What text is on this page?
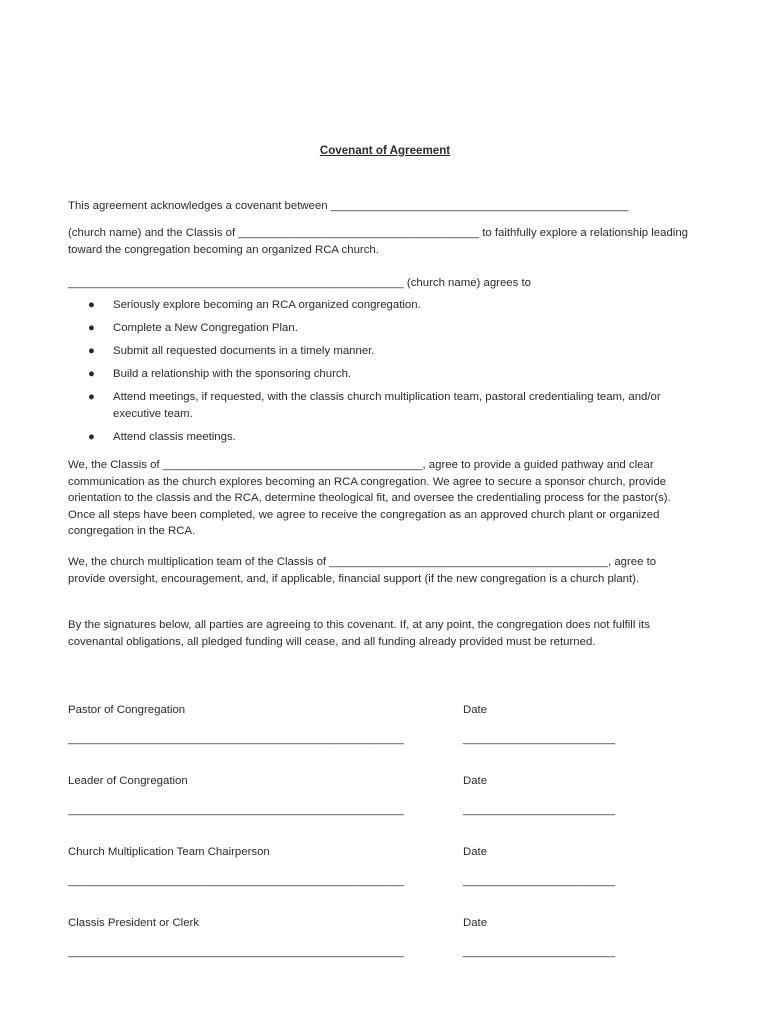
Covenant of Agreement
This agreement acknowledges a covenant between _______________________________________________
(church name) and the Classis of ______________________________________ to faithfully explore a relationship leading toward the congregation becoming an organized RCA church.
_____________________________________________________ (church name) agrees to
● Seriously explore becoming an RCA organized congregation.
● Complete a New Congregation Plan.
● Submit all requested documents in a timely manner.
● Build a relationship with the sponsoring church.
● Attend meetings, if requested, with the classis church multiplication team, pastoral credentialing team, and/or executive team.
● Attend classis meetings.
We, the Classis of _________________________________________, agree to provide a guided pathway and clear communication as the church explores becoming an RCA congregation. We agree to secure a sponsor church, provide orientation to the classis and the RCA, determine theological fit, and oversee the credentialing process for the pastor(s). Once all steps have been completed, we agree to receive the congregation as an approved church plant or organized congregation in the RCA.
We, the church multiplication team of the Classis of ____________________________________________, agree to provide oversight, encouragement, and, if applicable, financial support (if the new congregation is a church plant).
By the signatures below, all parties are agreeing to this covenant. If, at any point, the congregation does not fulfill its covenantal obligations, all pledged funding will cease, and all funding already provided must be returned.
Pastor of Congregation	Date
_____________________________________________________	________________________
Leader of Congregation	Date
_____________________________________________________	________________________
Church Multiplication Team Chairperson	Date
_____________________________________________________	________________________
Classis President or Clerk	Date
_____________________________________________________	________________________
